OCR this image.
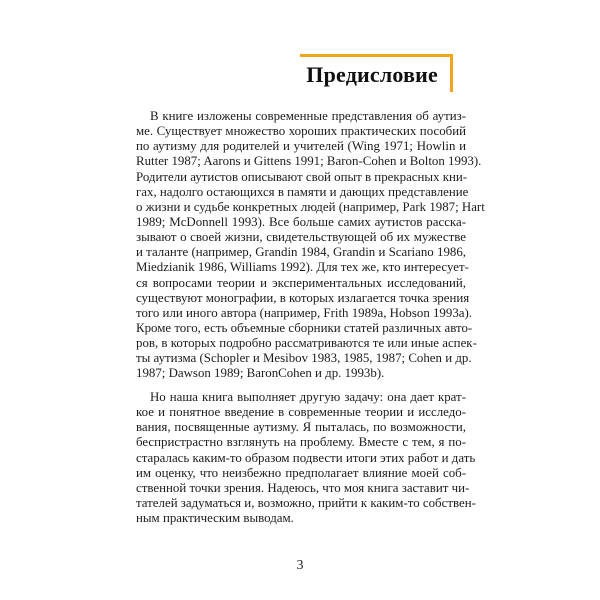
Предисловие
В книге изложены современные представления об аутиз-
ме. Существует множество хороших практических пособий
по аутизму для родителей и учителей (Wing 1971; Howlin и
Rutter 1987; Aarons и Gittens 1991; Baron-Cohen и Bolton 1993).
Родители аутистов описывают свой опыт в прекрасных кни-
гах, надолго остающихся в памяти и дающих представление
о жизни и судьбе конкретных людей (например, Park 1987; Hart
1989; McDonnell 1993). Все больше самих аутистов расска-
зывают о своей жизни, свидетельствующей об их мужестве
и таланте (например, Grandin 1984, Grandin и Scariano 1986,
Miedzianik 1986, Williams 1992). Для тех же, кто интересует-
ся вопросами теории и экспериментальных исследований,
существуют монографии, в которых излагается точка зрения
того или иного автора (например, Frith 1989a, Hobson 1993a).
Кроме того, есть объемные сборники статей различных авто-
ров, в которых подробно рассматриваются те или иные аспек-
ты аутизма (Schopler и Mesibov 1983, 1985, 1987; Cohen и др.
1987; Dawson 1989; BaronCohen и др. 1993b).
Но наша книга выполняет другую задачу: она дает крат-
кое и понятное введение в современные теории и исследо-
вания, посвященные аутизму. Я пыталась, по возможности,
беспристрастно взглянуть на проблему. Вместе с тем, я по-
старалась каким-то образом подвести итоги этих работ и дать
им оценку, что неизбежно предполагает влияние моей соб-
ственной точки зрения. Надеюсь, что моя книга заставит чи-
тателей задуматься и, возможно, прийти к каким-то собствен-
ным практическим выводам.
3
